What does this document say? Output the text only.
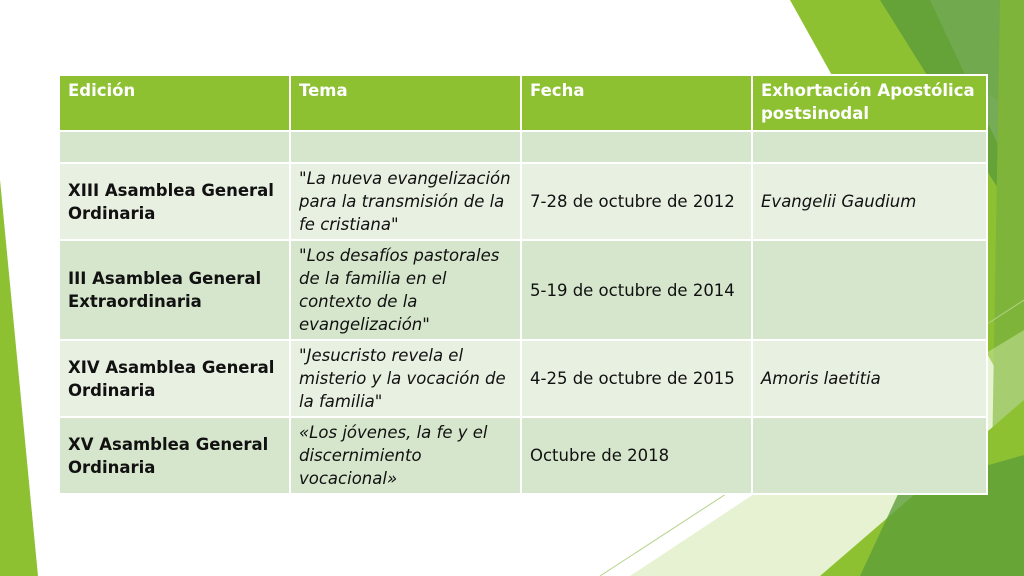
Edición	Tema	Fecha	Exhortación Apostólica postsinodal

XIII Asamblea General Ordinaria	"La nueva evangelización para la transmisión de la fe cristiana"	7-28 de octubre de 2012	Evangelii Gaudium
III Asamblea General Extraordinaria	"Los desafíos pastorales de la familia en el contexto de la evangelización"	5-19 de octubre de 2014	
XIV Asamblea General Ordinaria	"Jesucristo revela el misterio y la vocación de la familia"	4-25 de octubre de 2015	Amoris laetitia
XV Asamblea General Ordinaria	«Los jóvenes, la fe y el discernimiento vocacional»	Octubre de 2018	
